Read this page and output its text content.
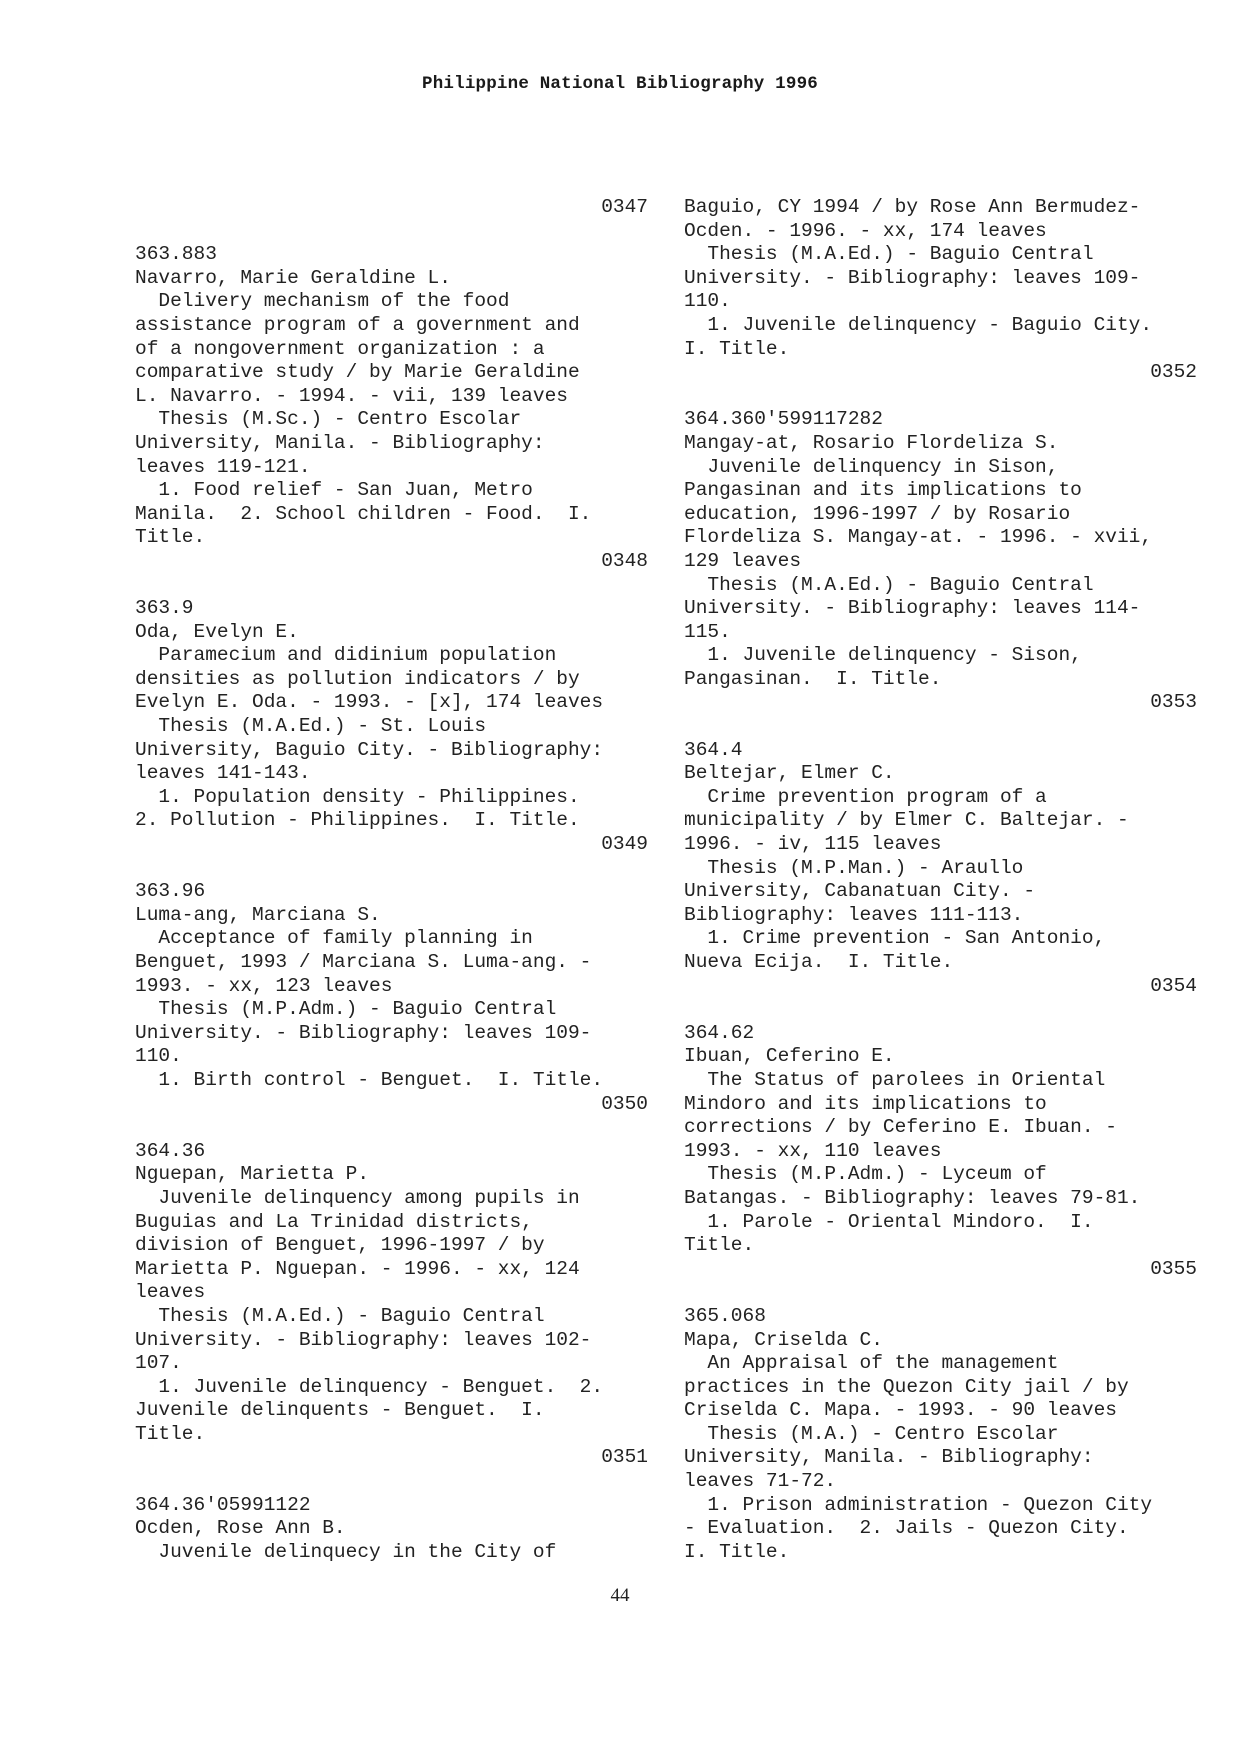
Philippine National Bibliography 1996
0347
363.883
Navarro, Marie Geraldine L.
Delivery mechanism of the food
assistance program of a government and
of a nongovernment organization : a
comparative study / by Marie Geraldine
L. Navarro. - 1994. - vii, 139 leaves
Thesis (M.Sc.) - Centro Escolar
University, Manila. - Bibliography:
leaves 119-121.
1. Food relief - San Juan, Metro
Manila.  2. School children - Food.  I.
Title.
0348
363.9
Oda, Evelyn E.
Paramecium and didinium population
densities as pollution indicators / by
Evelyn E. Oda. - 1993. - [x], 174 leaves
Thesis (M.A.Ed.) - St. Louis
University, Baguio City. - Bibliography:
leaves 141-143.
1. Population density - Philippines.
2. Pollution - Philippines.  I. Title.
0349
363.96
Luma-ang, Marciana S.
Acceptance of family planning in
Benguet, 1993 / Marciana S. Luma-ang. -
1993. - xx, 123 leaves
Thesis (M.P.Adm.) - Baguio Central
University. - Bibliography: leaves 109-
110.
1. Birth control - Benguet.  I. Title.
0350
364.36
Nguepan, Marietta P.
Juvenile delinquency among pupils in
Buguias and La Trinidad districts,
division of Benguet, 1996-1997 / by
Marietta P. Nguepan. - 1996. - xx, 124
leaves
Thesis (M.A.Ed.) - Baguio Central
University. - Bibliography: leaves 102-
107.
1. Juvenile delinquency - Benguet.  2.
Juvenile delinquents - Benguet.  I.
Title.
0351
364.36'05991122
Ocden, Rose Ann B.
Juvenile delinquecy in the City of
Baguio, CY 1994 / by Rose Ann Bermudez-
Ocden. - 1996. - xx, 174 leaves
Thesis (M.A.Ed.) - Baguio Central
University. - Bibliography: leaves 109-
110.
1. Juvenile delinquency - Baguio City.
I. Title.
0352
364.360'599117282
Mangay-at, Rosario Flordeliza S.
Juvenile delinquency in Sison,
Pangasinan and its implications to
education, 1996-1997 / by Rosario
Flordeliza S. Mangay-at. - 1996. - xvii,
129 leaves
Thesis (M.A.Ed.) - Baguio Central
University. - Bibliography: leaves 114-
115.
1. Juvenile delinquency - Sison,
Pangasinan.  I. Title.
0353
364.4
Beltejar, Elmer C.
Crime prevention program of a
municipality / by Elmer C. Baltejar. -
1996. - iv, 115 leaves
Thesis (M.P.Man.) - Araullo
University, Cabanatuan City. -
Bibliography: leaves 111-113.
1. Crime prevention - San Antonio,
Nueva Ecija.  I. Title.
0354
364.62
Ibuan, Ceferino E.
The Status of parolees in Oriental
Mindoro and its implications to
corrections / by Ceferino E. Ibuan. -
1993. - xx, 110 leaves
Thesis (M.P.Adm.) - Lyceum of
Batangas. - Bibliography: leaves 79-81.
1. Parole - Oriental Mindoro.  I.
Title.
0355
365.068
Mapa, Criselda C.
An Appraisal of the management
practices in the Quezon City jail / by
Criselda C. Mapa. - 1993. - 90 leaves
Thesis (M.A.) - Centro Escolar
University, Manila. - Bibliography:
leaves 71-72.
1. Prison administration - Quezon City
- Evaluation.  2. Jails - Quezon City.
I. Title.
44
